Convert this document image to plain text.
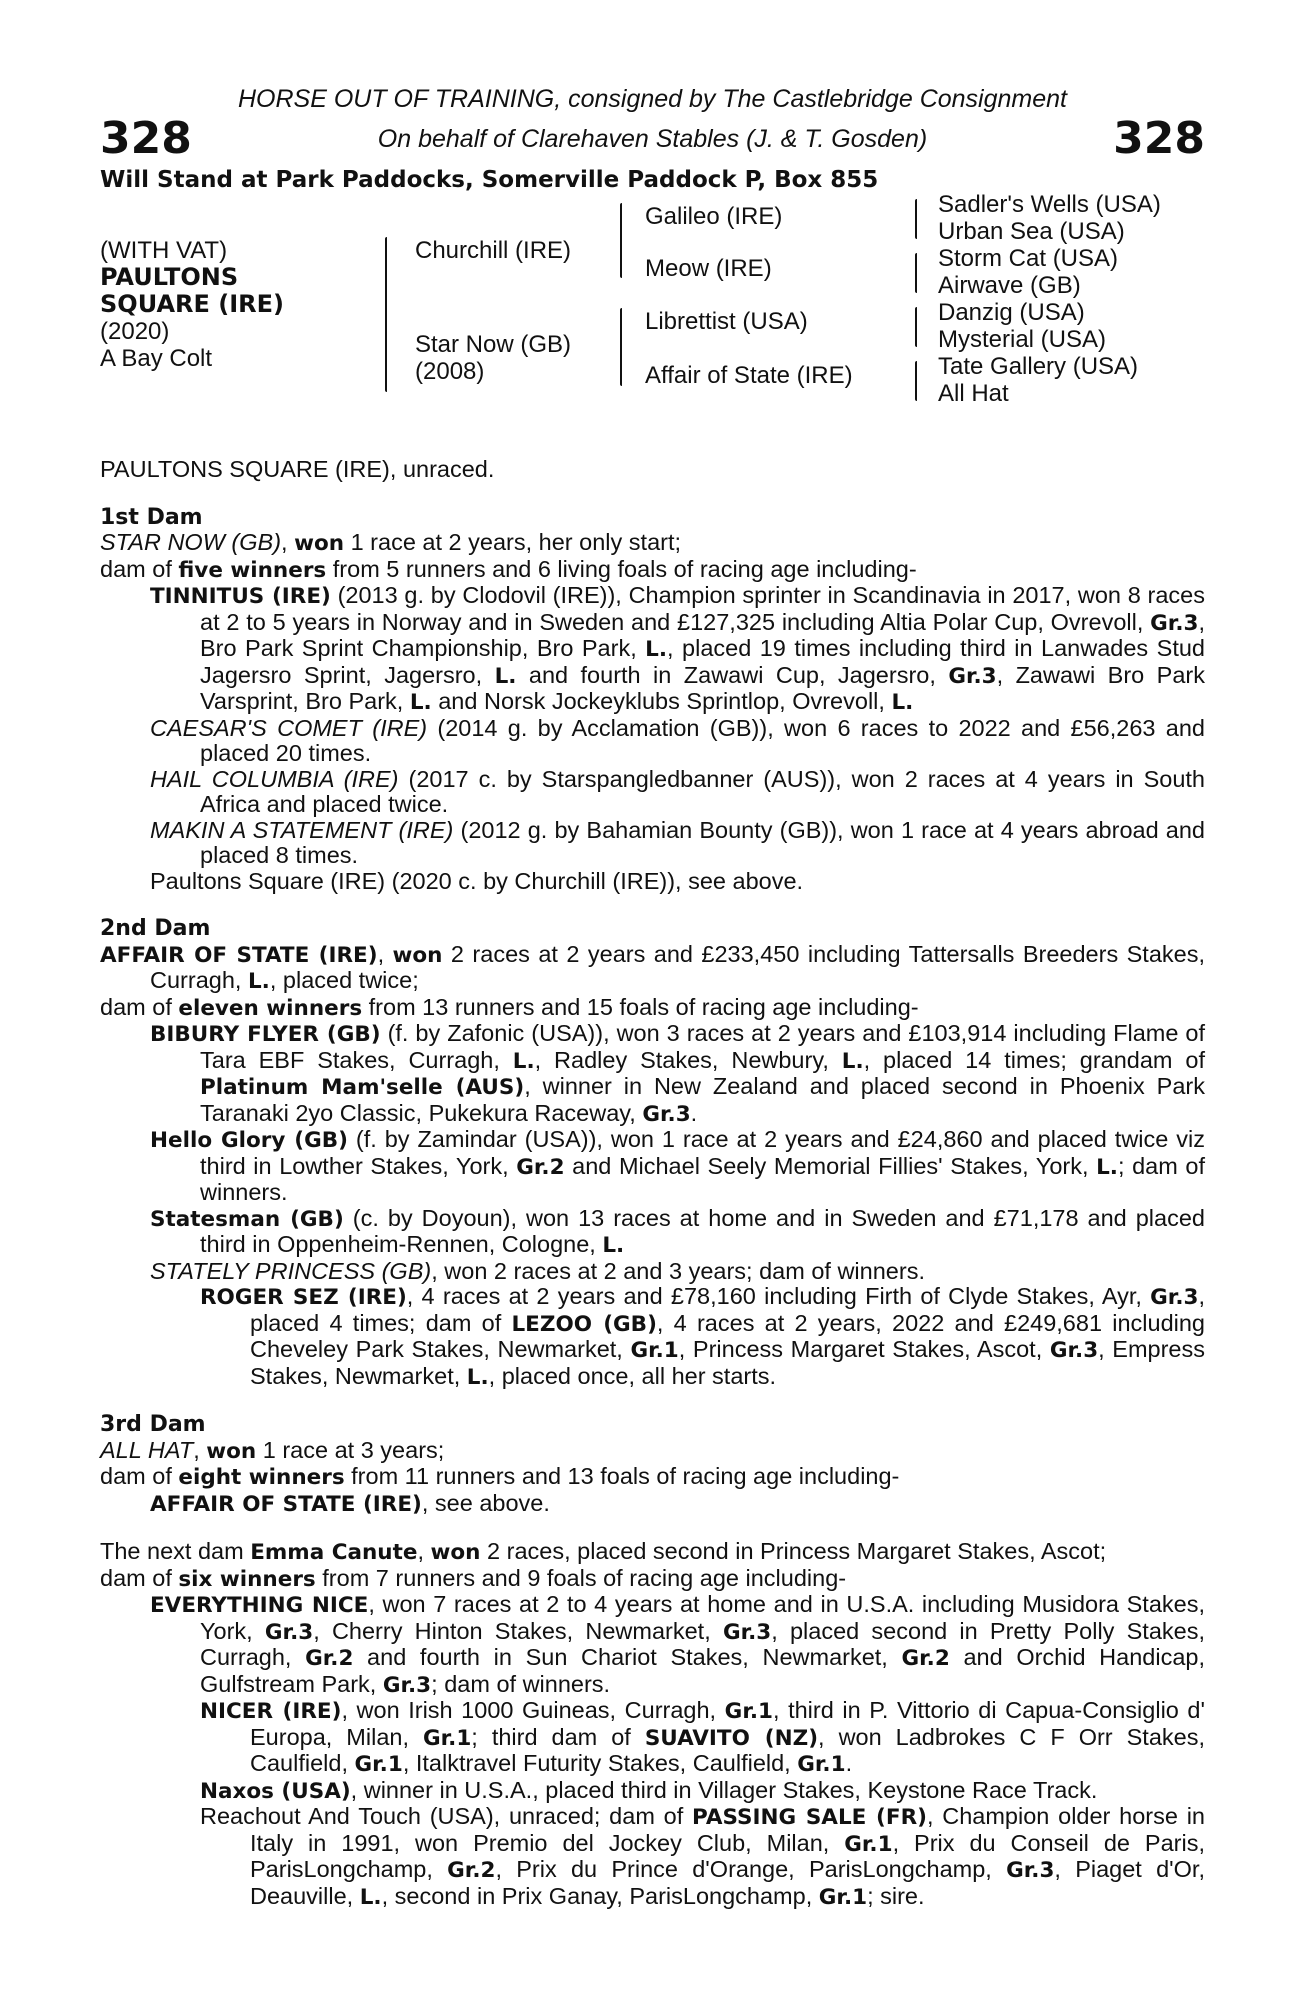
328
HORSE OUT OF TRAINING, consigned by The Castlebridge Consignment
On behalf of Clarehaven Stables (J. & T. Gosden)	328
Will Stand at Park Paddocks, Somerville Paddock P, Box 855
(WITH VAT)
PAULTONS
SQUARE (IRE)
(2020)
A Bay Colt
Churchill (IRE)
Star Now (GB)
(2008)
Galileo (IRE)
Meow (IRE)
Librettist (USA)
Affair of State (IRE)
Sadler's Wells (USA)
Urban Sea (USA)
Storm Cat (USA)
Airwave (GB)
Danzig (USA)
Mysterial (USA)
Tate Gallery (USA)
All Hat

PAULTONS SQUARE (IRE), unraced.

1st Dam

STAR NOW (GB), won 1 race at 2 years, her only start;

dam of five winners from 5 runners and 6 living foals of racing age including-

TINNITUS (IRE) (2013 g. by Clodovil (IRE)), Champion sprinter in Scandinavia in 2017, won 8 races at 2 to 5 years in Norway and in Sweden and £127,325 including Altia Polar Cup, Ovrevoll, Gr.3, Bro Park Sprint Championship, Bro Park, L., placed 19 times including third in Lanwades Stud Jagersro Sprint, Jagersro, L. and fourth in Zawawi Cup, Jagersro, Gr.3, Zawawi Bro Park Varsprint, Bro Park, L. and Norsk Jockeyklubs Sprintlop, Ovrevoll, L.

CAESAR'S COMET (IRE) (2014 g. by Acclamation (GB)), won 6 races to 2022 and £56,263 and placed 20 times.

HAIL COLUMBIA (IRE) (2017 c. by Starspangledbanner (AUS)), won 2 races at 4 years in South Africa and placed twice.

MAKIN A STATEMENT (IRE) (2012 g. by Bahamian Bounty (GB)), won 1 race at 4 years abroad and placed 8 times.

Paultons Square (IRE) (2020 c. by Churchill (IRE)), see above.

2nd Dam

AFFAIR OF STATE (IRE), won 2 races at 2 years and £233,450 including Tattersalls Breeders Stakes, Curragh, L., placed twice;

dam of eleven winners from 13 runners and 15 foals of racing age including-

BIBURY FLYER (GB) (f. by Zafonic (USA)), won 3 races at 2 years and £103,914 including Flame of Tara EBF Stakes, Curragh, L., Radley Stakes, Newbury, L., placed 14 times; grandam of Platinum Mam'selle (AUS), winner in New Zealand and placed second in Phoenix Park Taranaki 2yo Classic, Pukekura Raceway, Gr.3.

Hello Glory (GB) (f. by Zamindar (USA)), won 1 race at 2 years and £24,860 and placed twice viz third in Lowther Stakes, York, Gr.2 and Michael Seely Memorial Fillies' Stakes, York, L.; dam of winners.

Statesman (GB) (c. by Doyoun), won 13 races at home and in Sweden and £71,178 and placed third in Oppenheim-Rennen, Cologne, L.

STATELY PRINCESS (GB), won 2 races at 2 and 3 years; dam of winners.

ROGER SEZ (IRE), 4 races at 2 years and £78,160 including Firth of Clyde Stakes, Ayr, Gr.3, placed 4 times; dam of LEZOO (GB), 4 races at 2 years, 2022 and £249,681 including Cheveley Park Stakes, Newmarket, Gr.1, Princess Margaret Stakes, Ascot, Gr.3, Empress Stakes, Newmarket, L., placed once, all her starts.

3rd Dam

ALL HAT, won 1 race at 3 years;

dam of eight winners from 11 runners and 13 foals of racing age including-

AFFAIR OF STATE (IRE), see above.

The next dam Emma Canute, won 2 races, placed second in Princess Margaret Stakes, Ascot;

dam of six winners from 7 runners and 9 foals of racing age including-

EVERYTHING NICE, won 7 races at 2 to 4 years at home and in U.S.A. including Musidora Stakes, York, Gr.3, Cherry Hinton Stakes, Newmarket, Gr.3, placed second in Pretty Polly Stakes, Curragh, Gr.2 and fourth in Sun Chariot Stakes, Newmarket, Gr.2 and Orchid Handicap, Gulfstream Park, Gr.3; dam of winners.

NICER (IRE), won Irish 1000 Guineas, Curragh, Gr.1, third in P. Vittorio di Capua-Consiglio d' Europa, Milan, Gr.1; third dam of SUAVITO (NZ), won Ladbrokes C F Orr Stakes, Caulfield, Gr.1, Italktravel Futurity Stakes, Caulfield, Gr.1.

Naxos (USA), winner in U.S.A., placed third in Villager Stakes, Keystone Race Track.

Reachout And Touch (USA), unraced; dam of PASSING SALE (FR), Champion older horse in Italy in 1991, won Premio del Jockey Club, Milan, Gr.1, Prix du Conseil de Paris, ParisLongchamp, Gr.2, Prix du Prince d'Orange, ParisLongchamp, Gr.3, Piaget d'Or, Deauville, L., second in Prix Ganay, ParisLongchamp, Gr.1; sire.
